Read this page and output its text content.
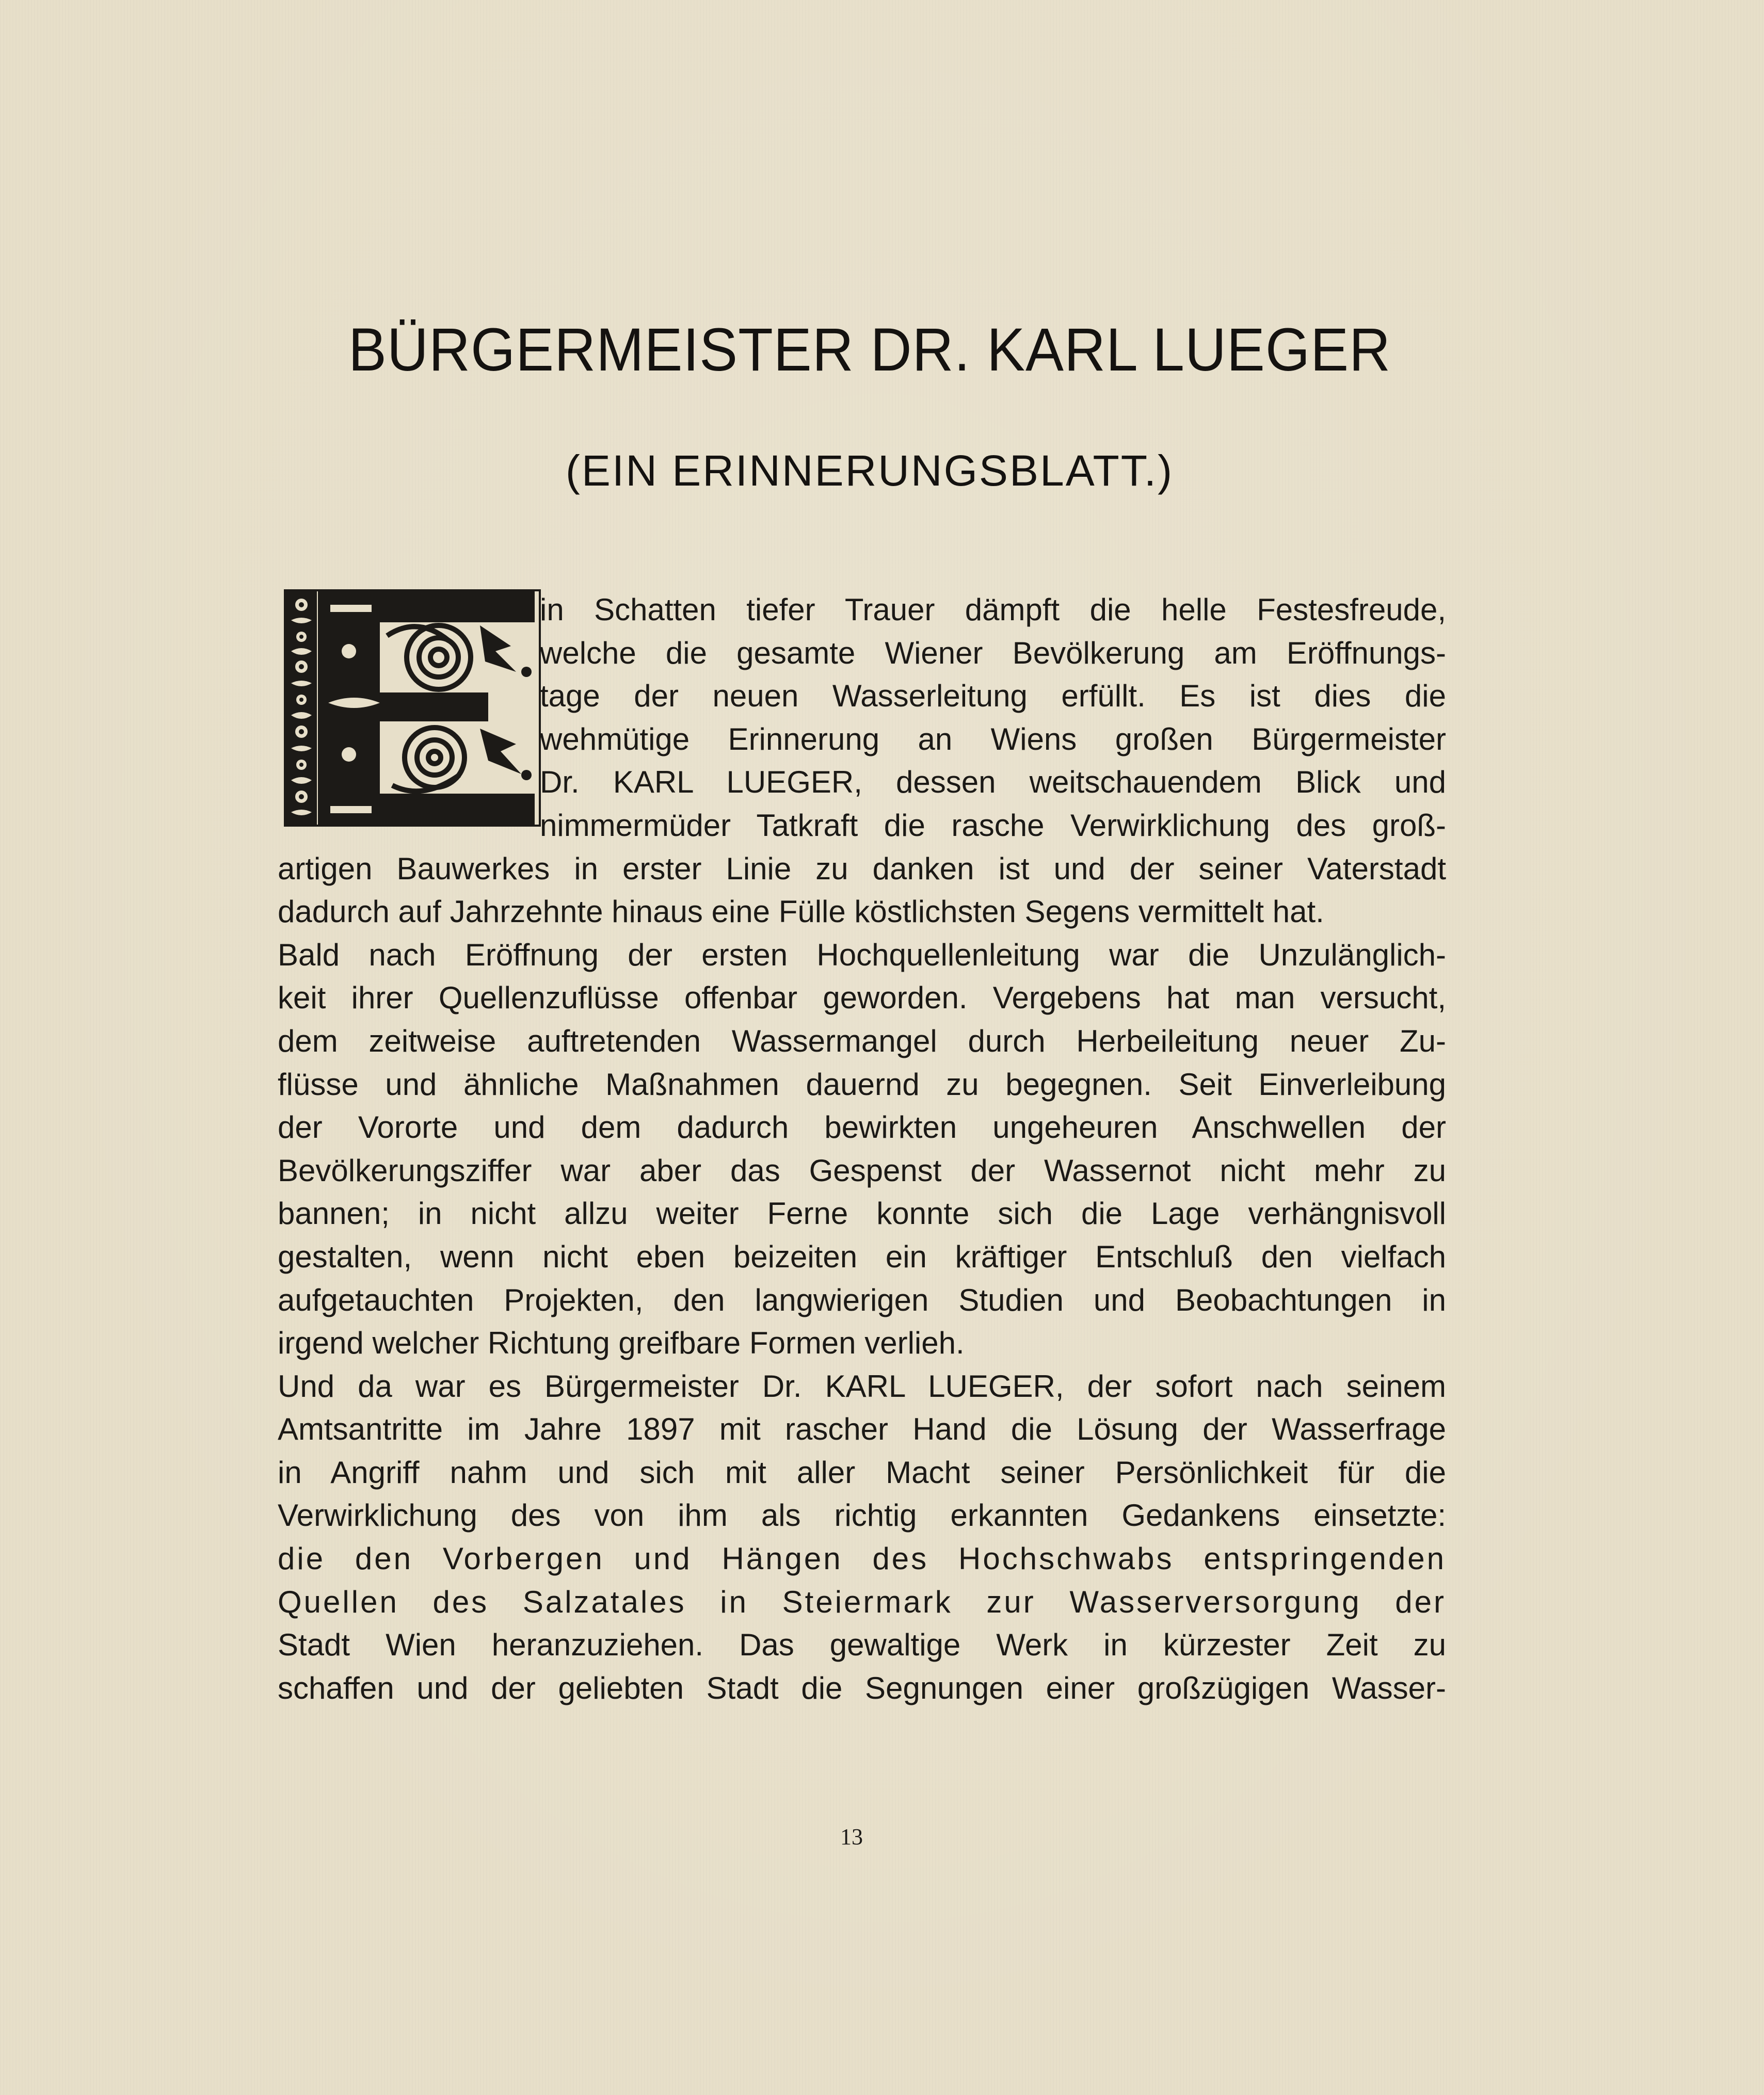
BÜRGERMEISTER DR. KARL LUEGER
(EIN ERINNERUNGSBLATT.)
in Schatten tiefer Trauer dämpft die helle Festesfreude,
welche die gesamte Wiener Bevölkerung am Eröffnungs-
tage der neuen Wasserleitung erfüllt. Es ist dies die
wehmütige Erinnerung an Wiens großen Bürgermeister
Dr. KARL LUEGER, dessen weitschauendem Blick und
nimmermüder Tatkraft die rasche Verwirklichung des groß-
artigen Bauwerkes in erster Linie zu danken ist und der seiner Vaterstadt
dadurch auf Jahrzehnte hinaus eine Fülle köstlichsten Segens vermittelt hat.
Bald nach Eröffnung der ersten Hochquellenleitung war die Unzulänglich-
keit ihrer Quellenzuflüsse offenbar geworden. Vergebens hat man versucht,
dem zeitweise auftretenden Wassermangel durch Herbeileitung neuer Zu-
flüsse und ähnliche Maßnahmen dauernd zu begegnen. Seit Einverleibung
der Vororte und dem dadurch bewirkten ungeheuren Anschwellen der
Bevölkerungsziffer war aber das Gespenst der Wassernot nicht mehr zu
bannen; in nicht allzu weiter Ferne konnte sich die Lage verhängnisvoll
gestalten, wenn nicht eben beizeiten ein kräftiger Entschluß den vielfach
aufgetauchten Projekten, den langwierigen Studien und Beobachtungen in
irgend welcher Richtung greifbare Formen verlieh.
Und da war es Bürgermeister Dr. KARL LUEGER, der sofort nach seinem
Amtsantritte im Jahre 1897 mit rascher Hand die Lösung der Wasserfrage
in Angriff nahm und sich mit aller Macht seiner Persönlichkeit für die
Verwirklichung des von ihm als richtig erkannten Gedankens einsetzte:
die den Vorbergen und Hängen des Hochschwabs entspringenden
Quellen des Salzatales in Steiermark zur Wasserversorgung der
Stadt Wien heranzuziehen. Das gewaltige Werk in kürzester Zeit zu
schaffen und der geliebten Stadt die Segnungen einer großzügigen Wasser-
13
